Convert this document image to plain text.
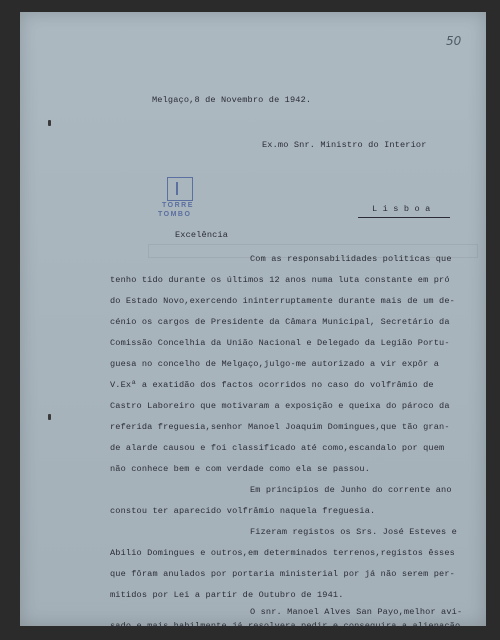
50
TORRE
TOMBO
Melgaço,8 de Novembro de 1942.
Ex.mo Snr. Ministro do Interior
L i s b o a
Excelência
Com as responsabilidades politicas que
tenho tido durante os últimos 12 anos numa luta constante em pró
do Estado Novo,exercendo ininterruptamente durante mais de um de-
cénio os cargos de Presidente da Câmara Municipal, Secretário da
Comissão Concelhia da União Nacional e Delegado da Legião Portu-
guesa no concelho de Melgaço,julgo-me autorizado a vir expôr a
V.Exª a exatidão dos factos ocorridos no caso do volfrâmio de
Castro Laboreiro que motivaram a exposição e queixa do pároco da
referida freguesia,senhor Manoel Joaquim Domingues,que tão gran-
de alarde causou e foi classificado até como,escandalo por quem
não conhece bem e com verdade como ela se passou.
Em principios de Junho do corrente ano
constou ter aparecido volfrâmio naquela freguesia.
Fizeram registos os Srs. José Esteves e
Abilio Domingues e outros,em determinados terrenos,registos êsses
que fôram anulados por portaria ministerial por já não serem per-
mitidos por Lei a partir de Outubro de 1941.
O snr. Manoel Alves San Payo,melhor avi-
sado e mais habilmente,já resolvera pedir e conseguira a alienação
